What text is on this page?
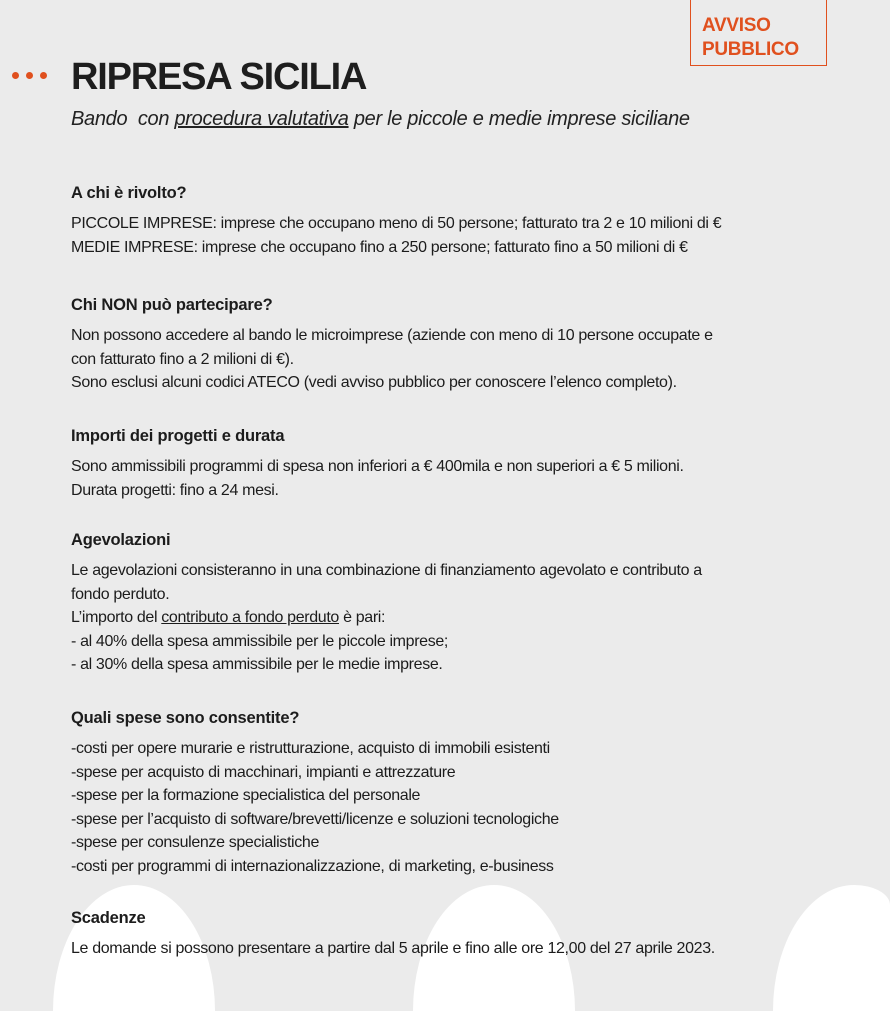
AVVISO
PUBBLICO
RIPRESA SICILIA
Bando  con procedura valutativa per le piccole e medie imprese siciliane
A chi è rivolto?

PICCOLE IMPRESE: imprese che occupano meno di 50 persone; fatturato tra 2 e 10 milioni di €

MEDIE IMPRESE: imprese che occupano fino a 250 persone; fatturato fino a 50 milioni di €

Chi NON può partecipare?

Non possono accedere al bando le microimprese (aziende con meno di 10 persone occupate e

con fatturato fino a 2 milioni di €).

Sono esclusi alcuni codici ATECO (vedi avviso pubblico per conoscere l’elenco completo).

Importi dei progetti e durata

Sono ammissibili programmi di spesa non inferiori a € 400mila e non superiori a € 5 milioni.

Durata progetti: fino a 24 mesi.

Agevolazioni

Le agevolazioni consisteranno in una combinazione di finanziamento agevolato e contributo a

fondo perduto.

L’importo del contributo a fondo perduto è pari:

- al 40% della spesa ammissibile per le piccole imprese;

- al 30% della spesa ammissibile per le medie imprese.

Quali spese sono consentite?

-costi per opere murarie e ristrutturazione, acquisto di immobili esistenti

-spese per acquisto di macchinari, impianti e attrezzature

-spese per la formazione specialistica del personale

-spese per l’acquisto di software/brevetti/licenze e soluzioni tecnologiche

-spese per consulenze specialistiche

-costi per programmi di internazionalizzazione, di marketing, e-business

Scadenze

Le domande si possono presentare a partire dal 5 aprile e fino alle ore 12,00 del 27 aprile 2023.
